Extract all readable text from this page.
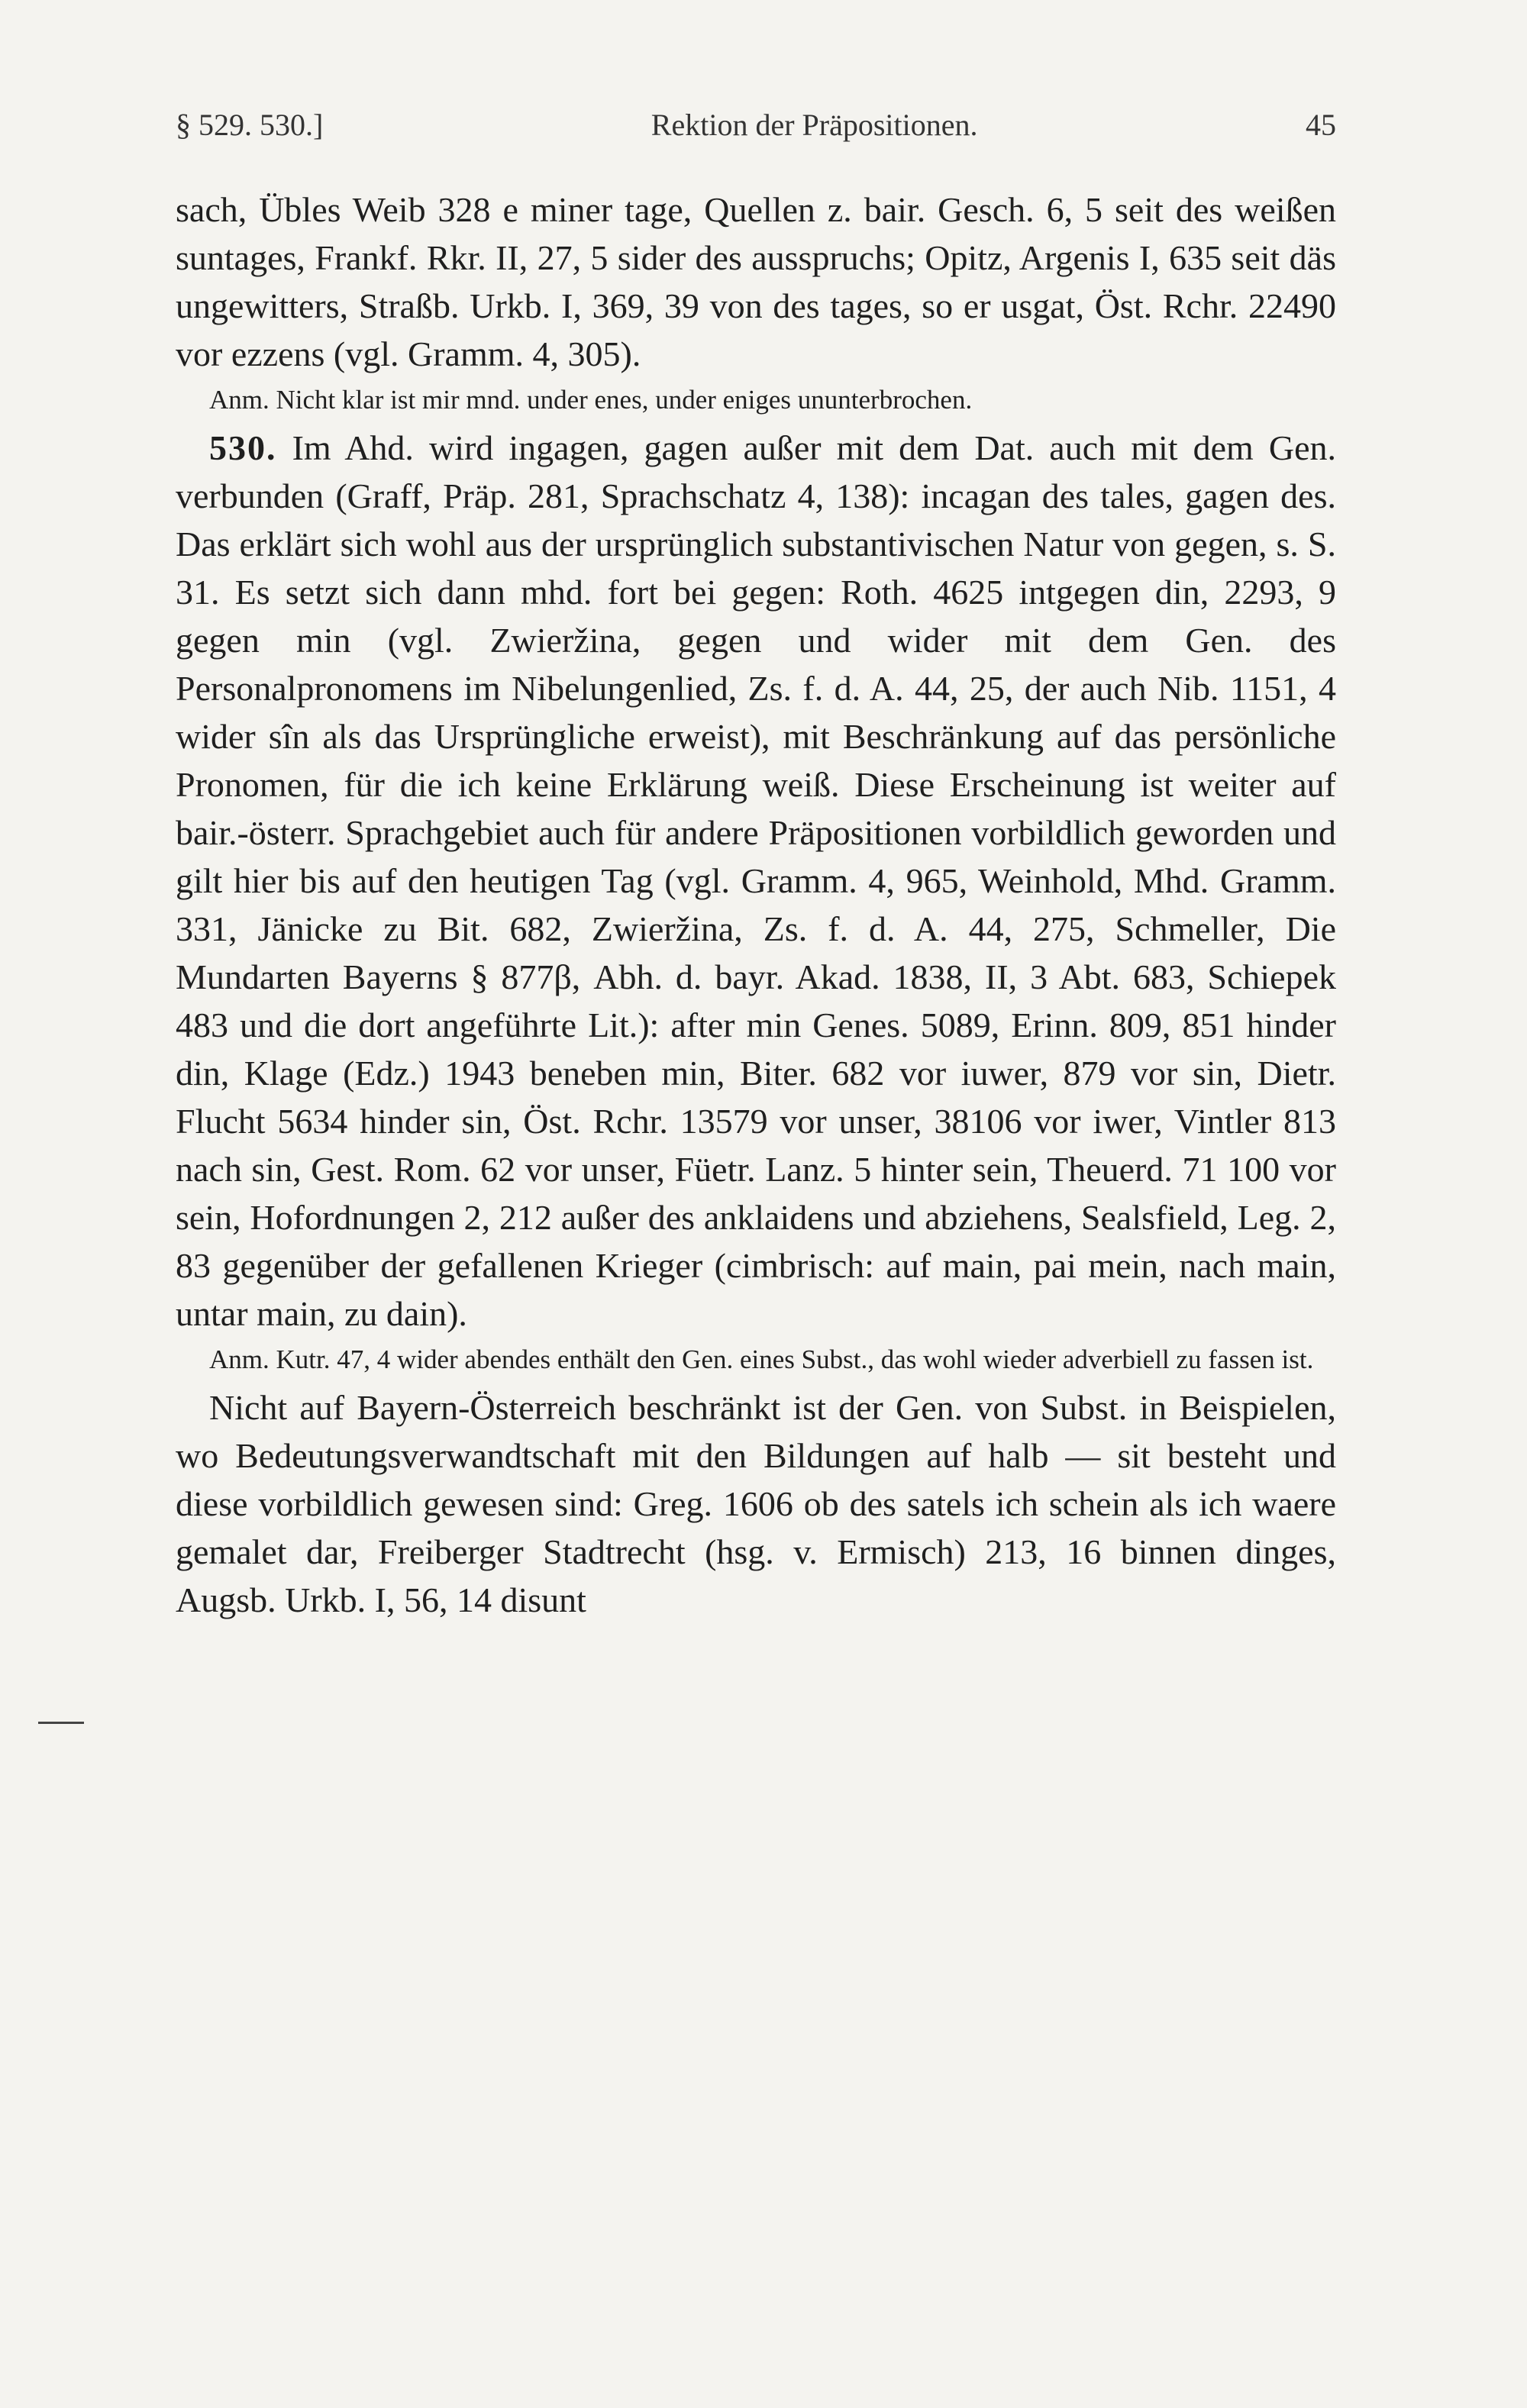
§ 529. 530.]	Rektion der Präpositionen.	45

sach, Übles Weib 328 e miner tage, Quellen z. bair. Gesch. 6, 5 seit des weißen suntages, Frankf. Rkr. II, 27, 5 sider des ausspruchs; Opitz, Argenis I, 635 seit däs ungewitters, Straßb. Urkb. I, 369, 39 von des tages, so er usgat, Öst. Rchr. 22490 vor ezzens (vgl. Gramm. 4, 305).

Anm. Nicht klar ist mir mnd. under enes, under eniges ununterbrochen.

530. Im Ahd. wird ingagen, gagen außer mit dem Dat. auch mit dem Gen. verbunden (Graff, Präp. 281, Sprachschatz 4, 138): incagan des tales, gagen des. Das erklärt sich wohl aus der ursprünglich substantivischen Natur von gegen, s. S. 31. Es setzt sich dann mhd. fort bei gegen: Roth. 4625 intgegen din, 2293, 9 gegen min (vgl. Zwieržina, gegen und wider mit dem Gen. des Personalpronomens im Nibelungenlied, Zs. f. d. A. 44, 25, der auch Nib. 1151, 4 wider sîn als das Ursprüngliche erweist), mit Beschränkung auf das persönliche Pronomen, für die ich keine Erklärung weiß. Diese Erscheinung ist weiter auf bair.-österr. Sprachgebiet auch für andere Präpositionen vorbildlich geworden und gilt hier bis auf den heutigen Tag (vgl. Gramm. 4, 965, Weinhold, Mhd. Gramm. 331, Jänicke zu Bit. 682, Zwieržina, Zs. f. d. A. 44, 275, Schmeller, Die Mundarten Bayerns § 877β, Abh. d. bayr. Akad. 1838, II, 3 Abt. 683, Schiepek 483 und die dort angeführte Lit.): after min Genes. 5089, Erinn. 809, 851 hinder din, Klage (Edz.) 1943 beneben min, Biter. 682 vor iuwer, 879 vor sin, Dietr. Flucht 5634 hinder sin, Öst. Rchr. 13579 vor unser, 38106 vor iwer, Vintler 813 nach sin, Gest. Rom. 62 vor unser, Füetr. Lanz. 5 hinter sein, Theuerd. 71 100 vor sein, Hofordnungen 2, 212 außer des anklaidens und abziehens, Sealsfield, Leg. 2, 83 gegenüber der gefallenen Krieger (cimbrisch: auf main, pai mein, nach main, untar main, zu dain).

Anm. Kutr. 47, 4 wider abendes enthält den Gen. eines Subst., das wohl wieder adverbiell zu fassen ist.

Nicht auf Bayern-Österreich beschränkt ist der Gen. von Subst. in Beispielen, wo Bedeutungsverwandtschaft mit den Bildungen auf halb — sit besteht und diese vorbildlich gewesen sind: Greg. 1606 ob des satels ich schein als ich waere gemalet dar, Freiberger Stadtrecht (hsg. v. Ermisch) 213, 16 binnen dinges, Augsb. Urkb. I, 56, 14 disunt
